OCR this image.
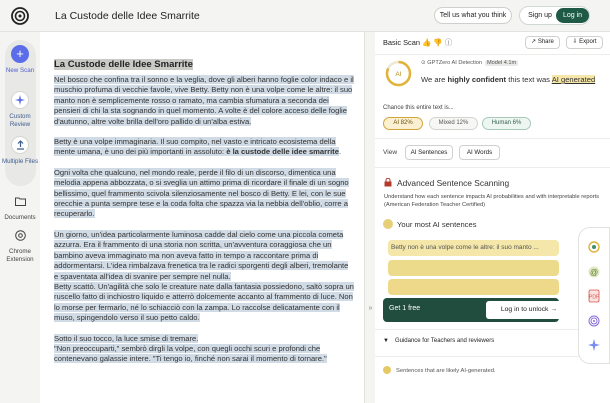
La Custode delle Idee Smarrite	Tell us what you think	Sign up	Log in
+
New Scan
Custom Review
Multiple Files
Documents
Chrome Extension
La Custode delle Idee Smarrite

Nel bosco che confina tra il sonno e la veglia, dove gli alberi hanno foglie color indaco e il muschio profuma di vecchie favole, vive Betty. Betty non è una volpe come le altre: il suo manto non è semplicemente rosso o ramato, ma cambia sfumatura a seconda dei pensieri di chi la sta sognando in quel momento. A volte è del colore acceso delle foglie d'autunno, altre volte brilla dell'oro pallido di un'alba estiva.

Betty è una volpe immaginaria. Il suo compito, nel vasto e intricato ecosistema della mente umana, è uno dei più importanti in assoluto: è la custode delle idee smarrite.

Ogni volta che qualcuno, nel mondo reale, perde il filo di un discorso, dimentica una melodia appena abbozzata, o si sveglia un attimo prima di ricordare il finale di un sogno bellissimo, quel frammento scivola silenziosamente nel bosco di Betty. E lei, con le sue orecchie a punta sempre tese e la coda folta che spazza via la nebbia dell'oblio, corre a recuperarlo.

Un giorno, un'idea particolarmente luminosa cadde dal cielo come una piccola cometa azzurra. Era il frammento di una storia non scritta, un'avventura coraggiosa che un bambino aveva immaginato ma non aveva fatto in tempo a raccontare prima di addormentarsi. L'idea rimbalzava frenetica tra le radici sporgenti degli alberi, tremolante e spaventata all'idea di svanire per sempre nel nulla.
Betty scattò. Un'agilità che solo le creature nate dalla fantasia possiedono, saltò sopra un ruscello fatto di inchiostro liquido e atterrò dolcemente accanto al frammento di luce. Non lo morse per fermarlo, né lo schiacciò con la zampa. Lo raccolse delicatamente con il muso, spingendolo verso il suo petto caldo.

Sotto il suo tocco, la luce smise di tremare.
"Non preoccuparti," sembrò dirgli la volpe, con quegli occhi scuri e profondi che contenevano galassie intere. "Ti tengo io, finché non sarai il momento di tornare."

»
Basic Scan 👍👎ⓘ	↗ Share	⇩ Export
AI
⊙ GPTZero AI Detection Model 4.1m
We are highly confident this text was AI generated
Chance this entire text is...
AI 82%	Mixed 12%	Human 6%
View	AI Sentences	AI Words
Advanced Sentence Scanning
Understand how each sentence impacts AI probabilities and with interpretable reports (American Federation Teacher Certified)
Your most AI sentences
Betty non è una volpe come le altre: il suo manto ...
Get 1 free	Log in to unlock →
▼ Guidance for Teachers and reviewers
Sentences that are likely AI-generated.
@
PDF
